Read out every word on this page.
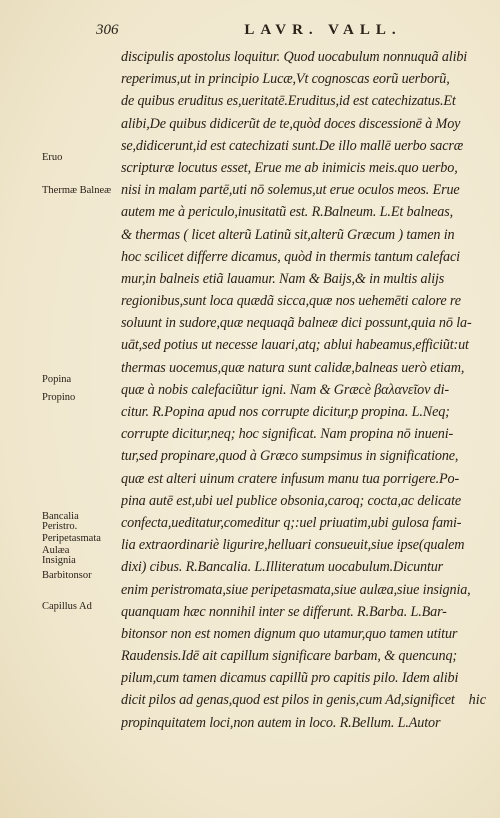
306	LAVR. VALL.
Eruo
Thermæ Balneæ
Popina
Propino
Bancalia Peristro.
Peripetasmata
Aulæa Insignia
Barbitonsor
Capillus Ad
discipulis apostolus loquitur. Quod uocabulum nonnuquã alibi
reperimus,ut in principio Lucæ,Vt cognoscas eorũ uerborũ,
de quibus eruditus es,ueritatē.Eruditus,id est catechizatus.Et
alibi,De quibus didicerũt de te,quòd doces discessionē à Moy
se,didicerunt,id est catechizati sunt.De illo mallē uerbo sacræ
scripturæ locutus esset, Erue me ab inimicis meis.quo uerbo,
nisi in malam partē,uti nō solemus,ut erue oculos meos. Erue
autem me à periculo,inusitatũ est. R.Balneum. L.Et balneas,
& thermas ( licet alterũ Latinũ sit,alterũ Græcum ) tamen in
hoc scilicet differre dicamus, quòd in thermis tantum calefaci
mur,in balneis etiã lauamur. Nam & Baijs,& in multis alijs
regionibus,sunt loca quædã sicca,quæ nos uehemēti calore re
soluunt in sudore,quæ nequaqã balneæ dici possunt,quia nō la-
uāt,sed potius ut necesse lauari,atq; ablui habeamus,efficiũt:ut
thermas uocemus,quæ natura sunt calidæ,balneas uerò etiam,
quæ à nobis calefaciũtur igni. Nam & Græcè βαλανεῖον di-
citur. R.Popina apud nos corrupte dicitur,p propina. L.Neq;
corrupte dicitur,neq; hoc significat. Nam propina nō inueni-
tur,sed propinare,quod à Græco sumpsimus in significatione,
quæ est alteri uinum cratere infusum manu tua porrigere.Po-
pina autē est,ubi uel publice obsonia,caroq; cocta,ac delicate
confecta,ueditatur,comeditur q;:uel priuatim,ubi gulosa fami-
lia extraordinariè ligurire,helluari consueuit,siue ipse(qualem
dixi) cibus. R.Bancalia. L.Illiteratum uocabulum.Dicuntur
enim peristromata,siue peripetasmata,siue aulæa,siue insignia,
quanquam hæc nonnihil inter se differunt. R.Barba. L.Bar-
bitonsor non est nomen dignum quo utamur,quo tamen utitur
Raudensis.Idē ait capillum significare barbam, & quencunq;
pilum,cum tamen dicamus capillũ pro capitis pilo. Idem alibi
dicit pilos ad genas,quod est pilos in genis,cum Ad,significet
propinquitatem loci,non autem in loco. R.Bellum. L.Autor
hic
